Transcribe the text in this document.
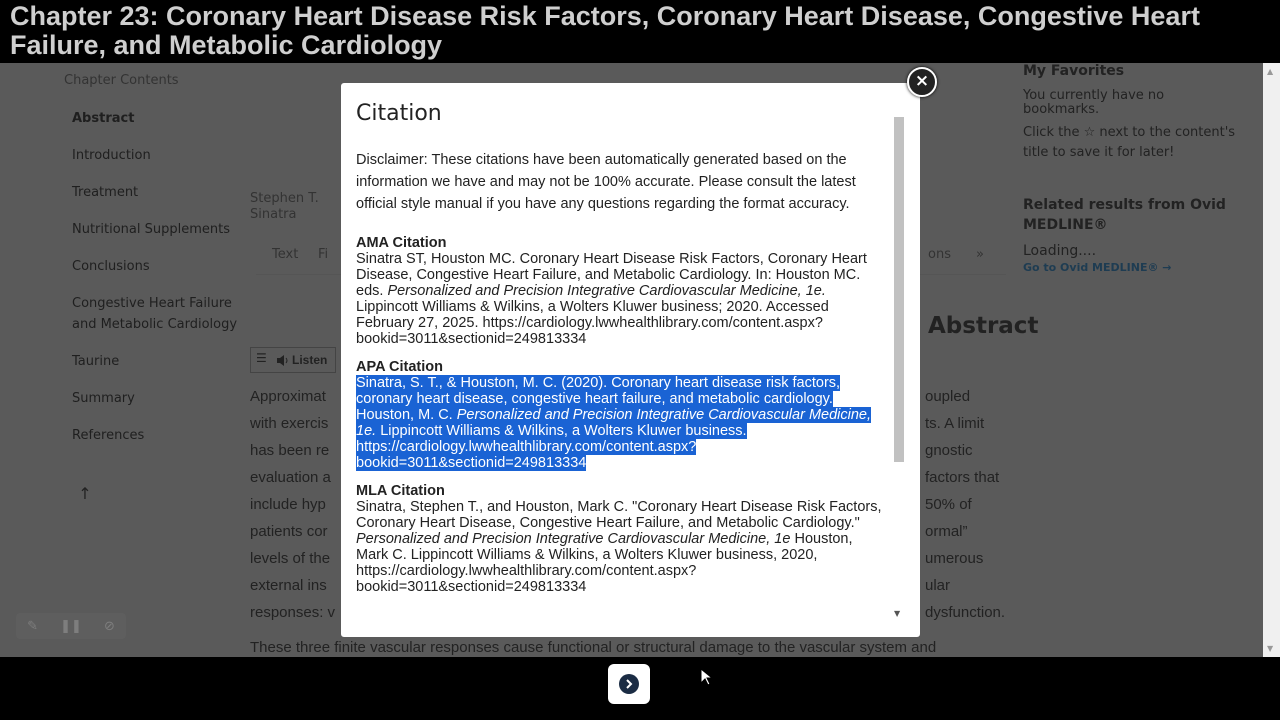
Chapter 23: Coronary Heart Disease Risk Factors, Coronary Heart Disease, Congestive Heart Failure, and Metabolic Cardiology
Chapter Contents
Abstract
Introduction
Treatment
Nutritional Supplements
Conclusions
Congestive Heart Failure and Metabolic Cardiology
Taurine
Summary
References
↑
Stephen T. Sinatra
Text Fi	ons »
Abstract
☰ Listen
Approximat	oupled
with exercis	ts. A limit
has been re	gnostic
evaluation a	factors that
include hyp	50% of
patients cor	ormal”
levels of the	umerous
external ins	ular
responses: v	dysfunction.
These three finite vascular responses cause functional or structural damage to the vascular system and
✎ ❚❚ ⊘
My Favorites

You currently have no bookmarks.

Click the ☆ next to the content's title to save it for later!

Related results from Ovid MEDLINE®

Loading....

Go to Ovid MEDLINE® →

▲
▼
Citation
Disclaimer: These citations have been automatically generated based on the information we have and may not be 100% accurate. Please consult the latest official style manual if you have any questions regarding the format accuracy.
AMA Citation
Sinatra ST, Houston MC. Coronary Heart Disease Risk Factors, Coronary Heart Disease, Congestive Heart Failure, and Metabolic Cardiology. In: Houston MC. eds. Personalized and Precision Integrative Cardiovascular Medicine, 1e. Lippincott Williams & Wilkins, a Wolters Kluwer business; 2020. Accessed February 27, 2025. https://cardiology.lwwhealthlibrary.com/content.aspx?bookid=3011&sectionid=249813334
APA Citation
Sinatra, S. T., & Houston, M. C. (2020). Coronary heart disease risk factors, coronary heart disease, congestive heart failure, and metabolic cardiology. Houston, M. C. Personalized and Precision Integrative Cardiovascular Medicine, 1e. Lippincott Williams & Wilkins, a Wolters Kluwer business. https://cardiology.lwwhealthlibrary.com/content.aspx?bookid=3011&sectionid=249813334
MLA Citation
Sinatra, Stephen T., and Houston, Mark C. "Coronary Heart Disease Risk Factors, Coronary Heart Disease, Congestive Heart Failure, and Metabolic Cardiology." Personalized and Precision Integrative Cardiovascular Medicine, 1e Houston, Mark C. Lippincott Williams & Wilkins, a Wolters Kluwer business, 2020, https://cardiology.lwwhealthlibrary.com/content.aspx?bookid=3011&sectionid=249813334
▼
×
